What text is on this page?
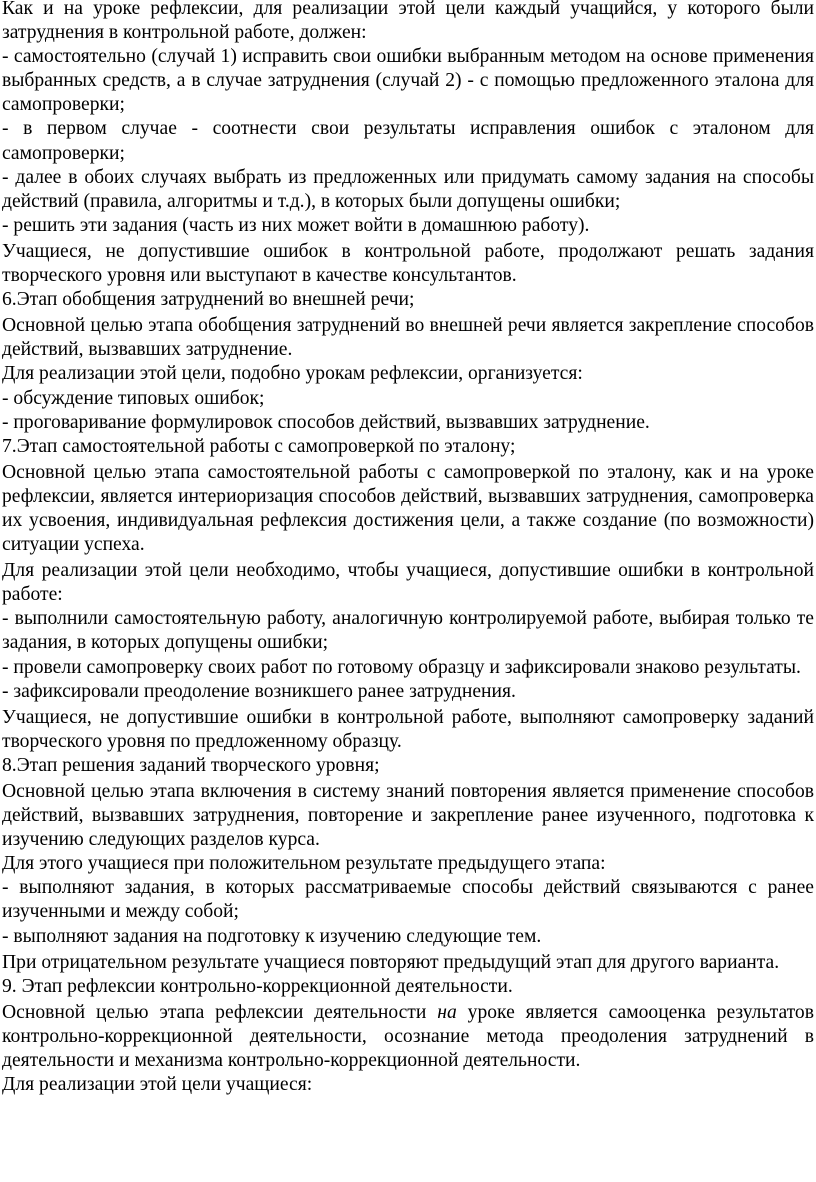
Как и на уроке рефлексии, для реализации этой цели каждый учащийся, у которого были затруднения в контрольной работе, должен:

- самостоятельно (случай 1) исправить свои ошибки выбранным методом на основе применения выбранных средств, а в случае затруднения (случай 2) - с помощью предложенного эталона для самопроверки;

- в первом случае - соотнести свои результаты исправления ошибок с эталоном для самопроверки;

- далее в обоих случаях выбрать из предложенных или придумать самому задания на способы действий (правила, алгоритмы и т.д.), в которых были допущены ошибки;

- решить эти задания (часть из них может войти в домашнюю работу).

Учащиеся, не допустившие ошибок в контрольной работе, продолжают решать задания творческого уровня или выступают в качестве консультантов.

6.Этап обобщения затруднений во внешней речи;

Основной целью этапа обобщения затруднений во внешней речи является закрепление способов действий, вызвавших затруднение.

Для реализации этой цели, подобно урокам рефлексии, организуется:

- обсуждение типовых ошибок;

- проговаривание формулировок способов действий, вызвавших затруднение.

7.Этап самостоятельной работы с самопроверкой по эталону;

Основной целью этапа самостоятельной работы с самопроверкой по эталону, как и на уроке рефлексии, является интериоризация способов действий, вызвавших затруднения, самопроверка их усвоения, индивидуальная рефлексия достижения цели, а также создание (по возможности) ситуации успеха.

Для реализации этой цели необходимо, чтобы учащиеся, допустившие ошибки в контрольной работе:

- выполнили самостоятельную работу, аналогичную контролируемой работе, выбирая только те задания, в которых допущены ошибки;

- провели самопроверку своих работ по готовому образцу и зафиксировали знаково результаты.

- зафиксировали преодоление возникшего ранее затруднения.

Учащиеся, не допустившие ошибки в контрольной работе, выполняют самопроверку заданий творческого уровня по предложенному образцу.

8.Этап решения заданий творческого уровня;

Основной целью этапа включения в систему знаний повторения является применение способов действий, вызвавших затруднения, повторение и закрепление ранее изученного, подготовка к изучению следующих разделов курса.

Для этого учащиеся при положительном результате предыдущего этапа:

- выполняют задания, в которых рассматриваемые способы действий связываются с ранее изученными и между собой;

- выполняют задания на подготовку к изучению следующие тем.

При отрицательном результате учащиеся повторяют предыдущий этап для другого варианта.

9. Этап рефлексии контрольно-коррекционной деятельности.

Основной целью этапа рефлексии деятельности на уроке является самооценка результатов контрольно-коррекционной деятельности, осознание метода преодоления затруднений в деятельности и механизма контрольно-коррекционной деятельности.

Для реализации этой цели учащиеся:
